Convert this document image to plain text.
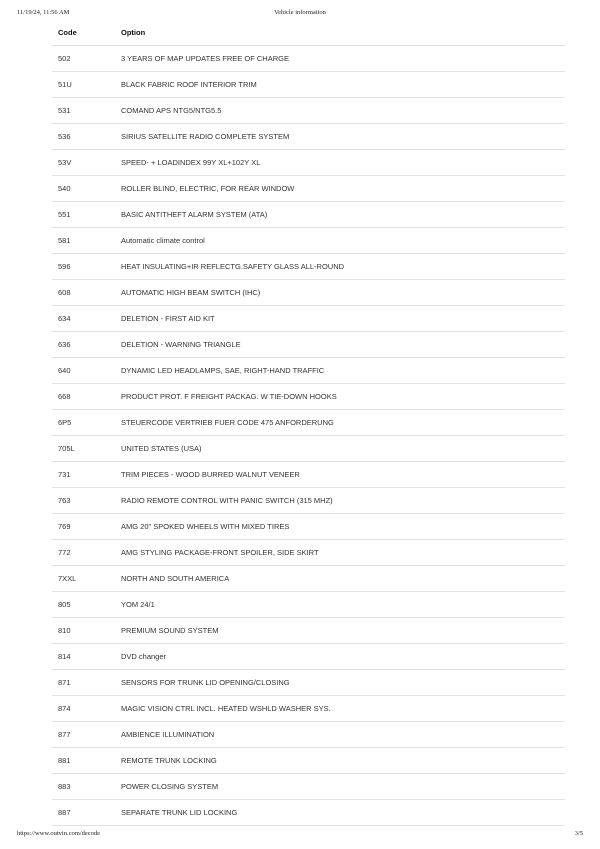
11/19/24, 11:56 AM	Vehicle information
Code	Option
502	3 YEARS OF MAP UPDATES FREE OF CHARGE
51U	BLACK FABRIC ROOF INTERIOR TRIM
531	COMAND APS NTG5/NTG5.5
536	SIRIUS SATELLITE RADIO COMPLETE SYSTEM
53V	SPEED- + LOADINDEX 99Y XL+102Y XL
540	ROLLER BLIND, ELECTRIC, FOR REAR WINDOW
551	BASIC ANTITHEFT ALARM SYSTEM (ATA)
581	Automatic climate control
596	HEAT INSULATING+IR REFLECTG.SAFETY GLASS ALL-ROUND
608	AUTOMATIC HIGH BEAM SWITCH (IHC)
634	DELETION - FIRST AID KIT
636	DELETION - WARNING TRIANGLE
640	DYNAMIC LED HEADLAMPS, SAE, RIGHT-HAND TRAFFIC
668	PRODUCT PROT. F FREIGHT PACKAG. W TIE-DOWN HOOKS
6P5	STEUERCODE VERTRIEB FUER CODE 475 ANFORDERUNG
705L	UNITED STATES (USA)
731	TRIM PIECES - WOOD BURRED WALNUT VENEER
763	RADIO REMOTE CONTROL WITH PANIC SWITCH (315 MHZ)
769	AMG 20" SPOKED WHEELS WITH MIXED TIRES
772	AMG STYLING PACKAGE-FRONT SPOILER, SIDE SKIRT
7XXL	NORTH AND SOUTH AMERICA
805	YOM 24/1
810	PREMIUM SOUND SYSTEM
814	DVD changer
871	SENSORS FOR TRUNK LID OPENING/CLOSING
874	MAGIC VISION CTRL INCL. HEATED WSHLD WASHER SYS.
877	AMBIENCE ILLUMINATION
881	REMOTE TRUNK LOCKING
883	POWER CLOSING SYSTEM
887	SEPARATE TRUNK LID LOCKING
https://www.outvin.com/decode	3/5
